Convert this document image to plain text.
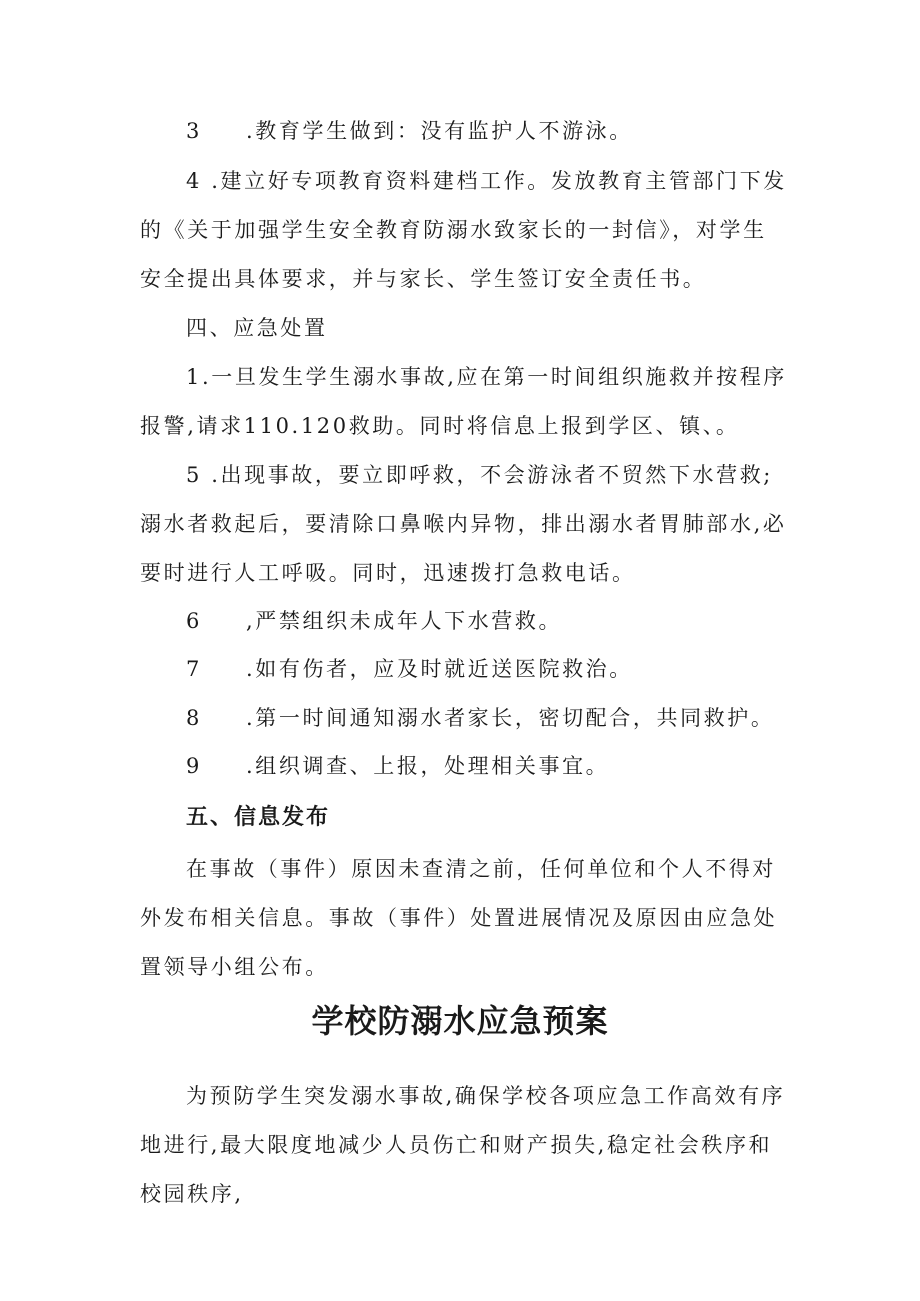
3 .教育学生做到：没有监护人不游泳。

4 .建立好专项教育资料建档工作。发放教育主管部门下发的《关于加强学生安全教育防溺水致家长的一封信》，对学生安全提出具体要求，并与家长、学生签订安全责任书。

四、应急处置

1.一旦发生学生溺水事故,应在第一时间组织施救并按程序报警,请求110.120救助。同时将信息上报到学区、镇、。

5 .出现事故，要立即呼救，不会游泳者不贸然下水营救;溺水者救起后，要清除口鼻喉内异物，排出溺水者胃肺部水,必要时进行人工呼吸。同时，迅速拨打急救电话。

6 ,严禁组织未成年人下水营救。

7 .如有伤者，应及时就近送医院救治。

8 .第一时间通知溺水者家长，密切配合，共同救护。

9 .组织调查、上报，处理相关事宜。

五、信息发布

在事故（事件）原因未查清之前，任何单位和个人不得对外发布相关信息。事故（事件）处置进展情况及原因由应急处置领导小组公布。

学校防溺水应急预案

为预防学生突发溺水事故,确保学校各项应急工作高效有序地进行,最大限度地减少人员伤亡和财产损失,稳定社会秩序和校园秩序,
